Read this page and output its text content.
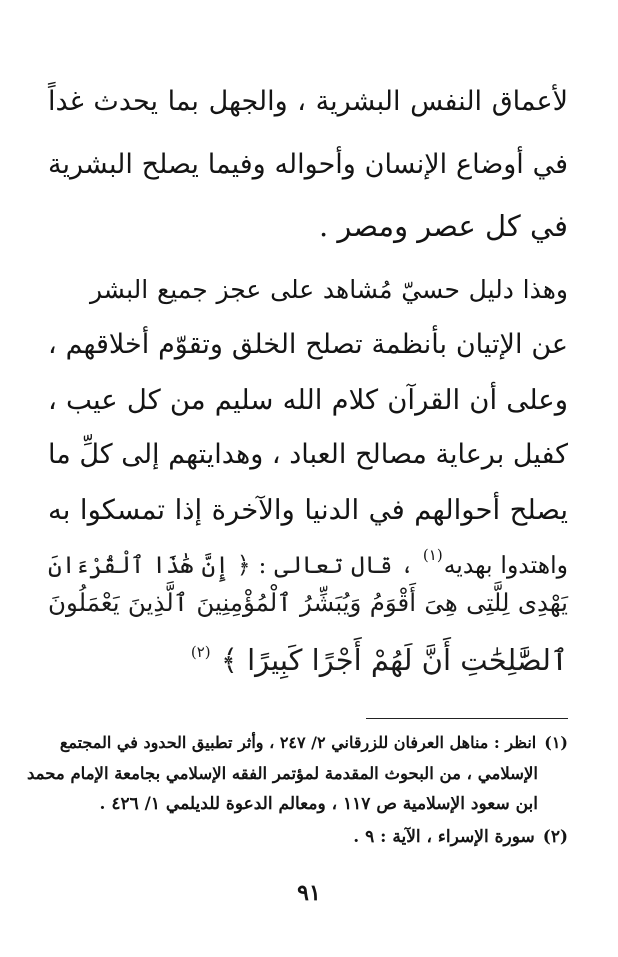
لأعماق النفس البشرية ، والجهل بما يحدث غداً
في أوضاع الإنسان وأحواله وفيما يصلح البشرية
في كل عصر ومصر .
وهذا دليل حسيّ مُشاهد على عجز جميع البشر
عن الإتيان بأنظمة تصلح الخلق وتقوّم أخلاقهم ،
وعلى أن القرآن كلام الله سليم من كل عيب ،
كفيل برعاية مصالح العباد ، وهدايتهم إلى كلِّ ما
يصلح أحوالهم في الدنيا والآخرة إذا تمسكوا به
واهتدوا بهديه$^{(١)}$ ، قال تعالى : ﴿ إِنَّ هَٰذَا ٱلْقُرْءَانَ
يَهْدِى لِلَّتِى هِىَ أَقْوَمُ وَيُبَشِّرُ ٱلْمُؤْمِنِينَ ٱلَّذِينَ يَعْمَلُونَ
ٱلصَّٰلِحَٰتِ أَنَّ لَهُمْ أَجْرًا كَبِيرًا ﴾ $^{(٢)}$
(١)انظر : مناهل العرفان للزرقاني ٢/ ٢٤٧ ، وأثر تطبيق الحدود في المجتمع
الإسلامي ، من البحوث المقدمة لمؤتمر الفقه الإسلامي بجامعة الإمام محمد
ابن سعود الإسلامية ص ١١٧ ، ومعالم الدعوة للديلمي ١/ ٤٢٦ .
(٢)سورة الإسراء ، الآية : ٩ .
٩١
